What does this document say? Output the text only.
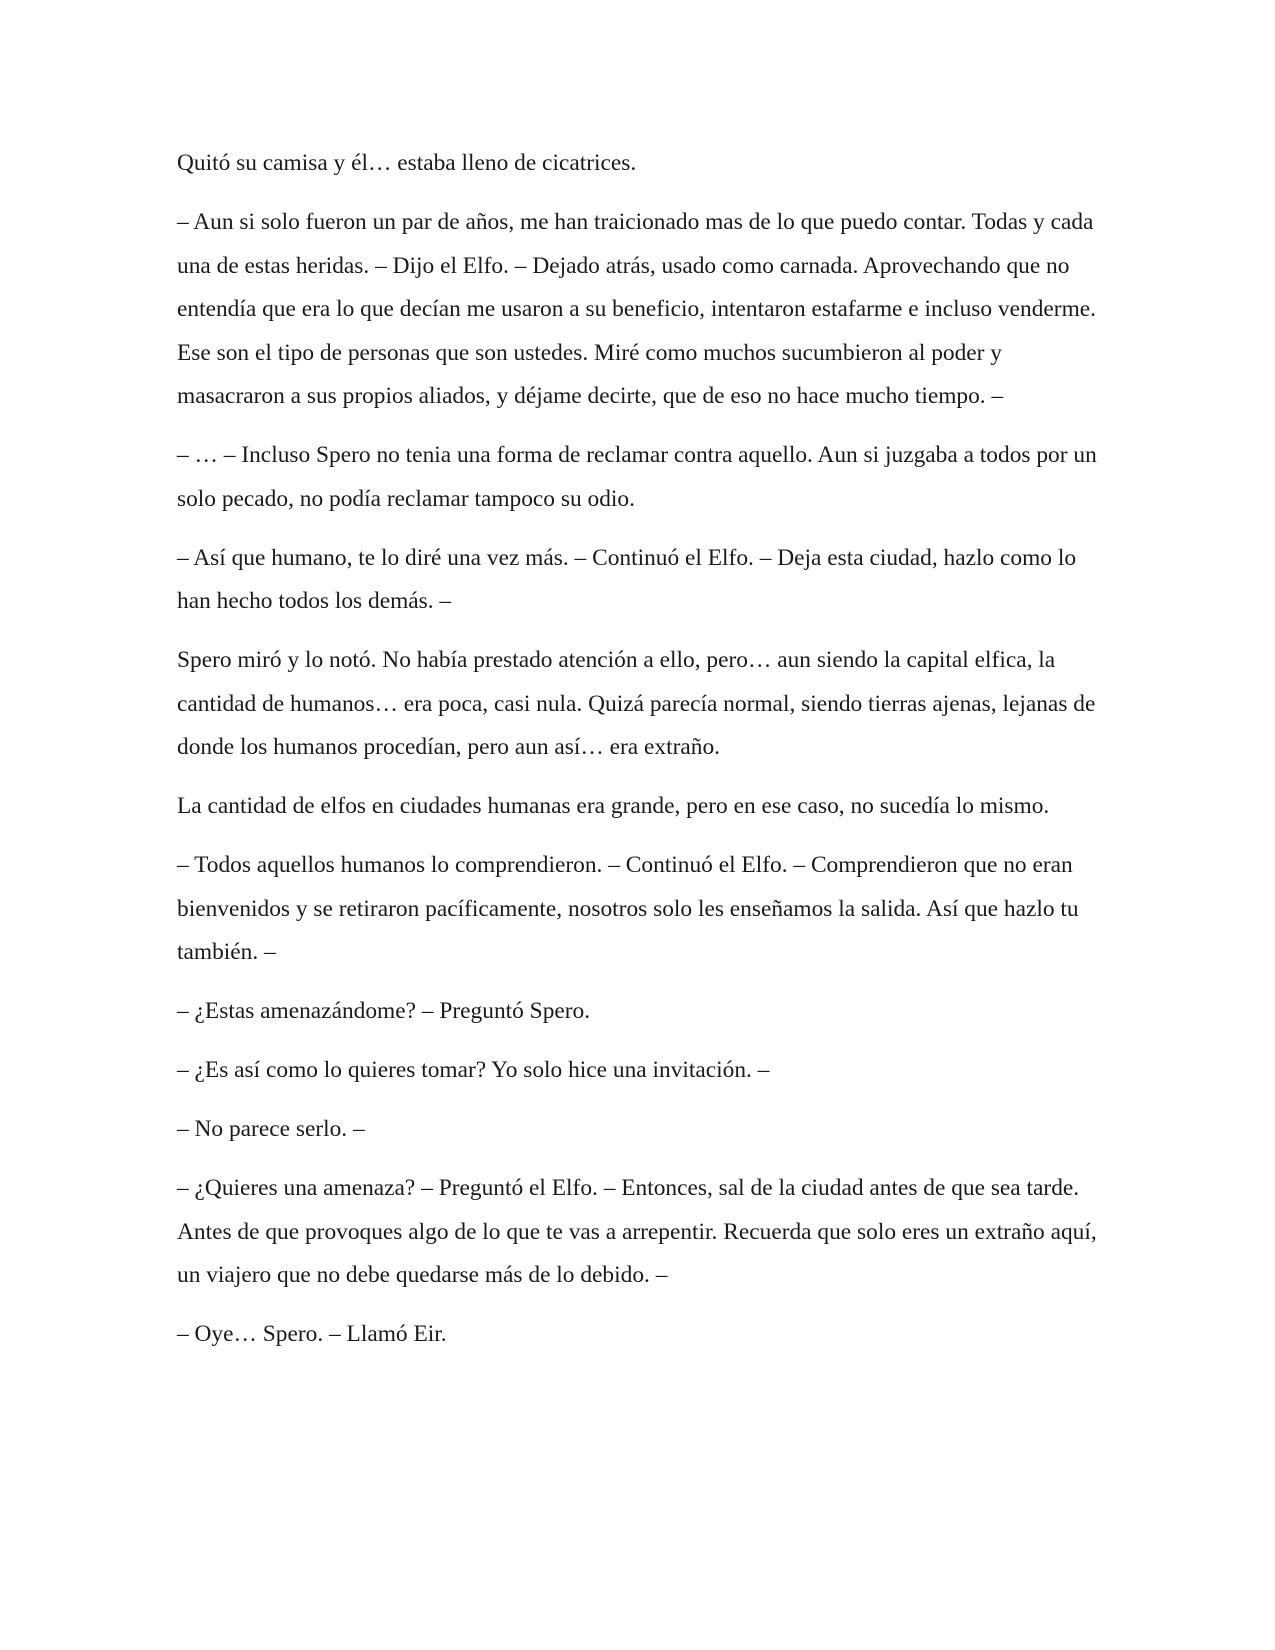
Quitó su camisa y él… estaba lleno de cicatrices.

– Aun si solo fueron un par de años, me han traicionado mas de lo que puedo contar. Todas y cada una de estas heridas. – Dijo el Elfo. – Dejado atrás, usado como carnada. Aprovechando que no entendía que era lo que decían me usaron a su beneficio, intentaron estafarme e incluso venderme. Ese son el tipo de personas que son ustedes. Miré como muchos sucumbieron al poder y masacraron a sus propios aliados, y déjame decirte, que de eso no hace mucho tiempo. –

– … – Incluso Spero no tenia una forma de reclamar contra aquello. Aun si juzgaba a todos por un solo pecado, no podía reclamar tampoco su odio.

– Así que humano, te lo diré una vez más. – Continuó el Elfo. – Deja esta ciudad, hazlo como lo han hecho todos los demás. –

Spero miró y lo notó. No había prestado atención a ello, pero… aun siendo la capital elfica, la cantidad de humanos… era poca, casi nula. Quizá parecía normal, siendo tierras ajenas, lejanas de donde los humanos procedían, pero aun así… era extraño.

La cantidad de elfos en ciudades humanas era grande, pero en ese caso, no sucedía lo mismo.

– Todos aquellos humanos lo comprendieron. – Continuó el Elfo. – Comprendieron que no eran bienvenidos y se retiraron pacíficamente, nosotros solo les enseñamos la salida. Así que hazlo tu también. –

– ¿Estas amenazándome? – Preguntó Spero.

– ¿Es así como lo quieres tomar? Yo solo hice una invitación. –

– No parece serlo. –

– ¿Quieres una amenaza? – Preguntó el Elfo. – Entonces, sal de la ciudad antes de que sea tarde. Antes de que provoques algo de lo que te vas a arrepentir. Recuerda que solo eres un extraño aquí, un viajero que no debe quedarse más de lo debido. –

– Oye… Spero. – Llamó Eir.
